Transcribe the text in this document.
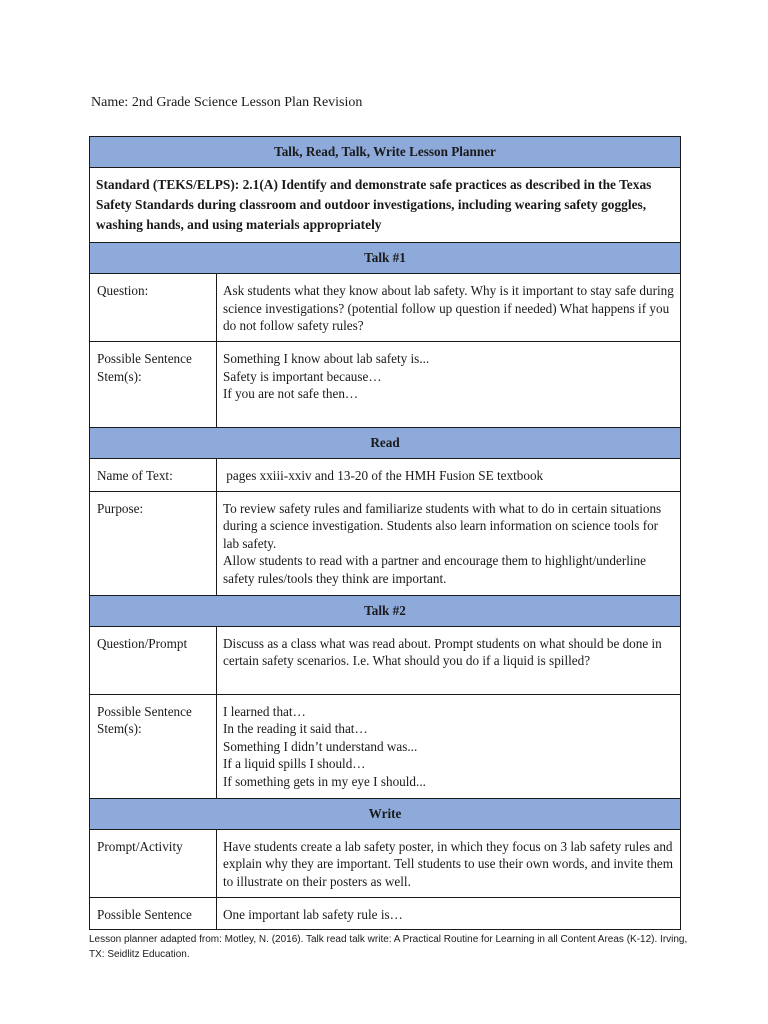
Name: 2nd Grade Science Lesson Plan Revision

Talk, Read, Talk, Write Lesson Planner	
Standard (TEKS/ELPS): 2.1(A) Identify and demonstrate safe practices as described in the Texas Safety Standards during classroom and outdoor investigations, including wearing safety goggles, washing hands, and using materials appropriately	
Talk #1	
Question:	Ask students what they know about lab safety. Why is it important to stay safe during science investigations? (potential follow up question if needed) What happens if you do not follow safety rules?
Possible Sentence Stem(s):	Something I know about lab safety is...
Safety is important because…
If you are not safe then…

Read	
Name of Text:	pages xxiii-xxiv and 13-20 of the HMH Fusion SE textbook
Purpose:	To review safety rules and familiarize students with what to do in certain situations during a science investigation. Students also learn information on science tools for lab safety.
Allow students to read with a partner and encourage them to highlight/underline safety rules/tools they think are important.

Talk #2	
Question/Prompt	Discuss as a class what was read about. Prompt students on what should be done in certain safety scenarios. I.e. What should you do if a liquid is spilled?
Possible Sentence Stem(s):	I learned that…
In the reading it said that…
Something I didn’t understand was...
If a liquid spills I should…
If something gets in my eye I should...

Write	
Prompt/Activity	Have students create a lab safety poster, in which they focus on 3 lab safety rules and explain why they are important. Tell students to use their own words, and invite them to illustrate on their posters as well.
Possible Sentence	One important lab safety rule is…

Lesson planner adapted from: Motley, N. (2016). Talk read talk write: A Practical Routine for Learning in all Content Areas (K-12). Irving, TX: Seidlitz Education.
